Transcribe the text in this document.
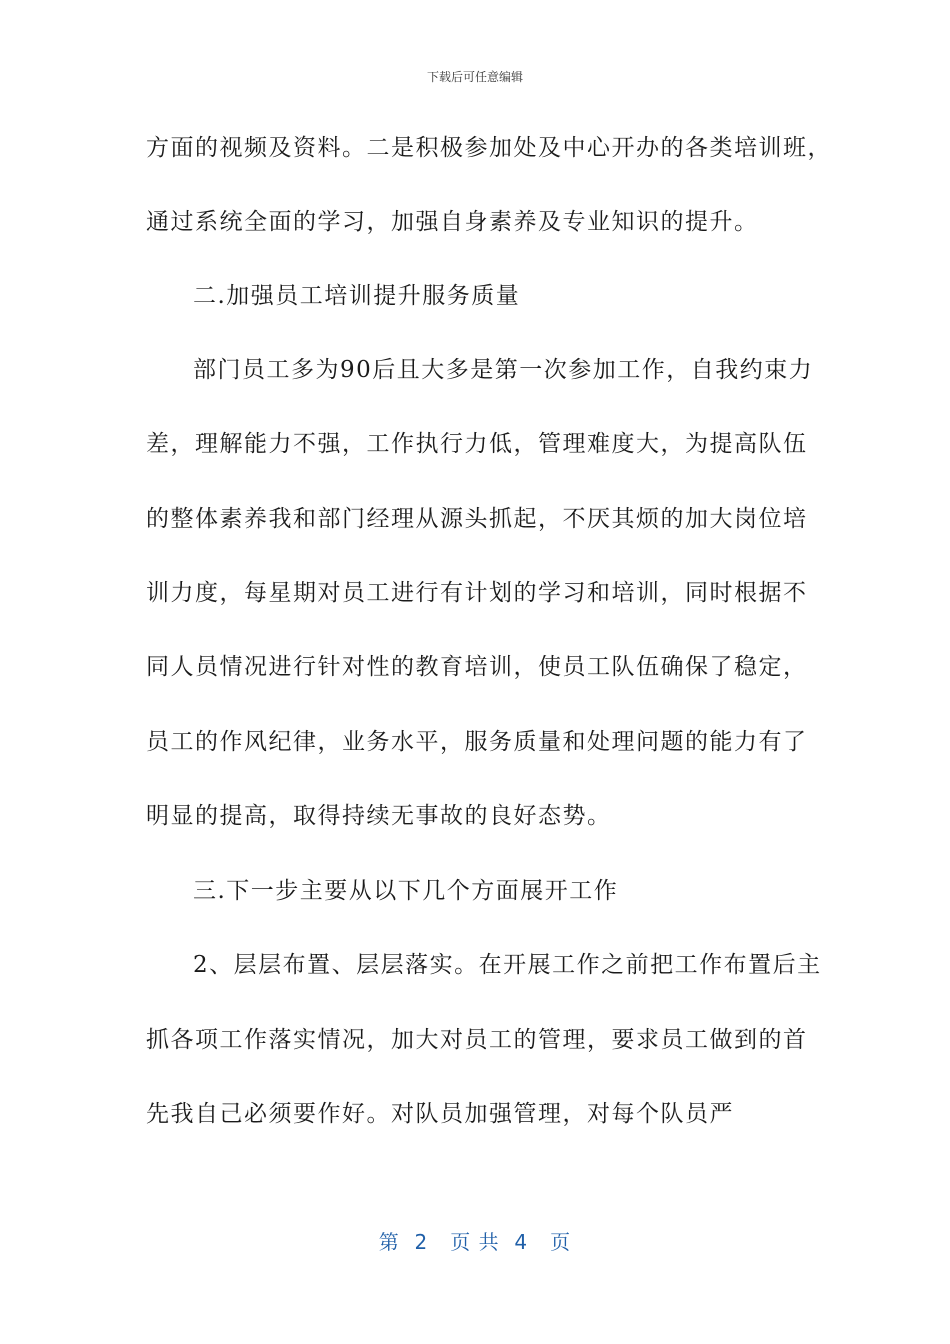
下载后可任意编辑
方面的视频及资料。二是积极参加处及中心开办的各类培训班，
通过系统全面的学习，加强自身素养及专业知识的提升。
二.加强员工培训提升服务质量
部门员工多为90后且大多是第一次参加工作，自我约束力
差，理解能力不强，工作执行力低，管理难度大，为提高队伍
的整体素养我和部门经理从源头抓起，不厌其烦的加大岗位培
训力度，每星期对员工进行有计划的学习和培训，同时根据不
同人员情况进行针对性的教育培训，使员工队伍确保了稳定，
员工的作风纪律，业务水平，服务质量和处理问题的能力有了
明显的提高，取得持续无事故的良好态势。
三.下一步主要从以下几个方面展开工作
2、层层布置、层层落实。在开展工作之前把工作布置后主
抓各项工作落实情况，加大对员工的管理，要求员工做到的首
先我自己必须要作好。对队员加强管理，对每个队员严
第  2   页 共  4   页
